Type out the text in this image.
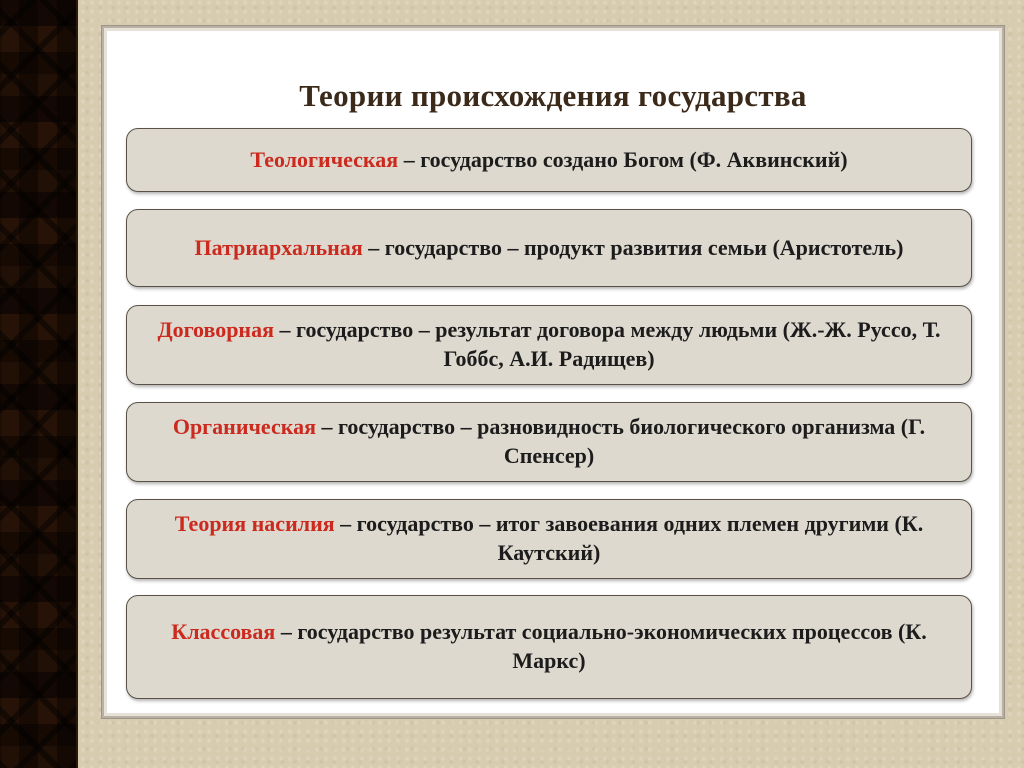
Теории происхождения государства
Теологическая – государство создано Богом (Ф. Аквинский)
Патриархальная – государство – продукт развития семьи (Аристотель)
Договорная – государство – результат договора между людьми (Ж.-Ж. Руссо, Т. Гоббс, А.И. Радищев)
Органическая – государство – разновидность биологического организма (Г. Спенсер)
Теория насилия – государство – итог завоевания одних племен другими (К. Каутский)
Классовая – государство результат социально-экономических процессов (К. Маркс)
